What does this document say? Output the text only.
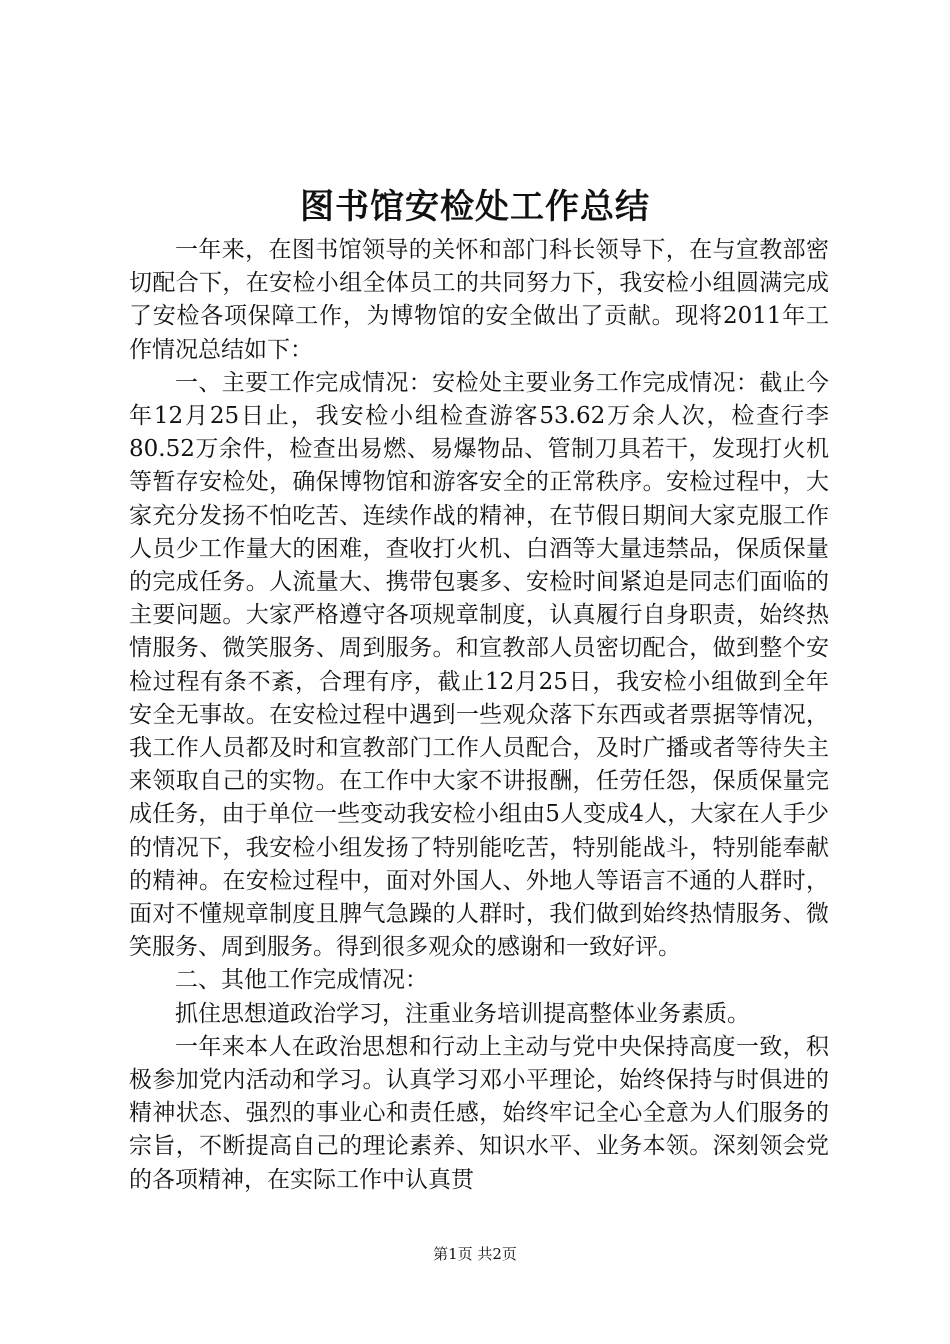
图书馆安检处工作总结

一年来，在图书馆领导的关怀和部门科长领导下，在与宣教部密切配合下，在安检小组全体员工的共同努力下，我安检小组圆满完成了安检各项保障工作，为博物馆的安全做出了贡献。现将2011年工作情况总结如下：

一、主要工作完成情况：安检处主要业务工作完成情况：截止今年12月25日止，我安检小组检查游客53.62万余人次，检查行李80.52万余件，检查出易燃、易爆物品、管制刀具若干，发现打火机等暂存安检处，确保博物馆和游客安全的正常秩序。安检过程中，大家充分发扬不怕吃苦、连续作战的精神，在节假日期间大家克服工作人员少工作量大的困难，查收打火机、白酒等大量违禁品，保质保量的完成任务。人流量大、携带包裹多、安检时间紧迫是同志们面临的主要问题。大家严格遵守各项规章制度，认真履行自身职责，始终热情服务、微笑服务、周到服务。和宣教部人员密切配合，做到整个安检过程有条不紊，合理有序，截止12月25日，我安检小组做到全年安全无事故。在安检过程中遇到一些观众落下东西或者票据等情况，我工作人员都及时和宣教部门工作人员配合，及时广播或者等待失主来领取自己的实物。在工作中大家不讲报酬，任劳任怨，保质保量完成任务，由于单位一些变动我安检小组由5人变成4人，大家在人手少的情况下，我安检小组发扬了特别能吃苦，特别能战斗，特别能奉献的精神。在安检过程中，面对外国人、外地人等语言不通的人群时，面对不懂规章制度且脾气急躁的人群时，我们做到始终热情服务、微笑服务、周到服务。得到很多观众的感谢和一致好评。

二、其他工作完成情况：

抓住思想道政治学习，注重业务培训提高整体业务素质。

一年来本人在政治思想和行动上主动与党中央保持高度一致，积极参加党内活动和学习。认真学习邓小平理论，始终保持与时俱进的精神状态、强烈的事业心和责任感，始终牢记全心全意为人们服务的宗旨，不断提高自己的理论素养、知识水平、业务本领。深刻领会党的各项精神，在实际工作中认真贯

第1页 共2页
